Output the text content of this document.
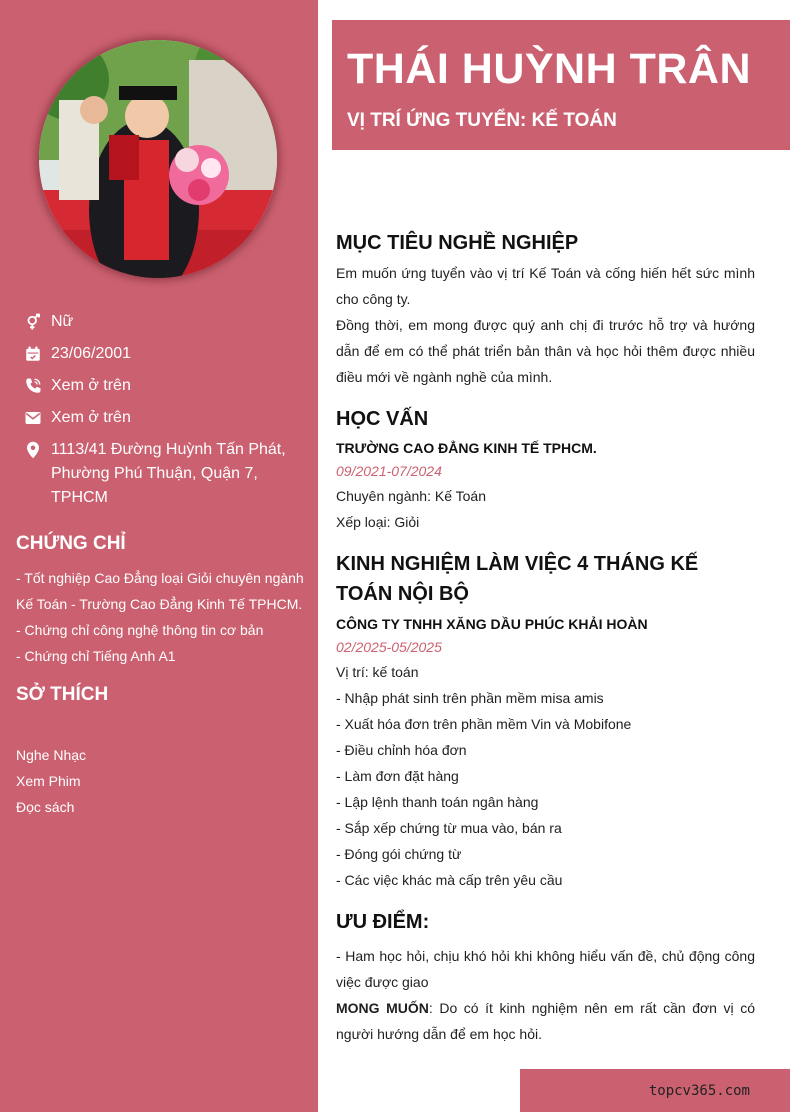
Nữ
23/06/2001
Xem ở trên
Xem ở trên
1113/41 Đường Huỳnh Tấn Phát, Phường Phú Thuận, Quận 7, TPHCM
CHỨNG CHỈ
- Tốt nghiệp Cao Đẳng loại Giỏi chuyên ngành Kế Toán - Trường Cao Đẳng Kinh Tế TPHCM.
- Chứng chỉ công nghệ thông tin cơ bản
- Chứng chỉ Tiếng Anh A1
SỞ THÍCH
Nghe Nhạc
Xem Phim
Đọc sách
THÁI HUỲNH TRÂN
VỊ TRÍ ỨNG TUYỂN: KẾ TOÁN
MỤC TIÊU NGHỀ NGHIỆP

Em muốn ứng tuyển vào vị trí Kế Toán và cống hiến hết sức mình cho công ty.

Đồng thời, em mong được quý anh chị đi trước hỗ trợ và hướng dẫn để em có thể phát triển bản thân và học hỏi thêm được nhiều điều mới về ngành nghề của mình.

HỌC VẤN
TRƯỜNG CAO ĐẲNG KINH TẾ TPHCM.
09/2021-07/2024
Chuyên ngành: Kế Toán
Xếp loại: Giỏi
KINH NGHIỆM LÀM VIỆC 4 THÁNG KẾ TOÁN NỘI BỘ
CÔNG TY TNHH XĂNG DẦU PHÚC KHẢI HOÀN
02/2025-05/2025
Vị trí: kế toán
- Nhập phát sinh trên phần mềm misa amis
- Xuất hóa đơn trên phần mềm Vin và Mobifone
- Điều chỉnh hóa đơn
- Làm đơn đặt hàng
- Lập lệnh thanh toán ngân hàng
- Sắp xếp chứng từ mua vào, bán ra
- Đóng gói chứng từ
- Các việc khác mà cấp trên yêu cầu
ƯU ĐIỂM:

- Ham học hỏi, chịu khó hỏi khi không hiểu vấn đề, chủ động công việc được giao

MONG MUỐN: Do có ít kinh nghiệm nên em rất cần đơn vị có người hướng dẫn để em học hỏi.

topcv365.com
